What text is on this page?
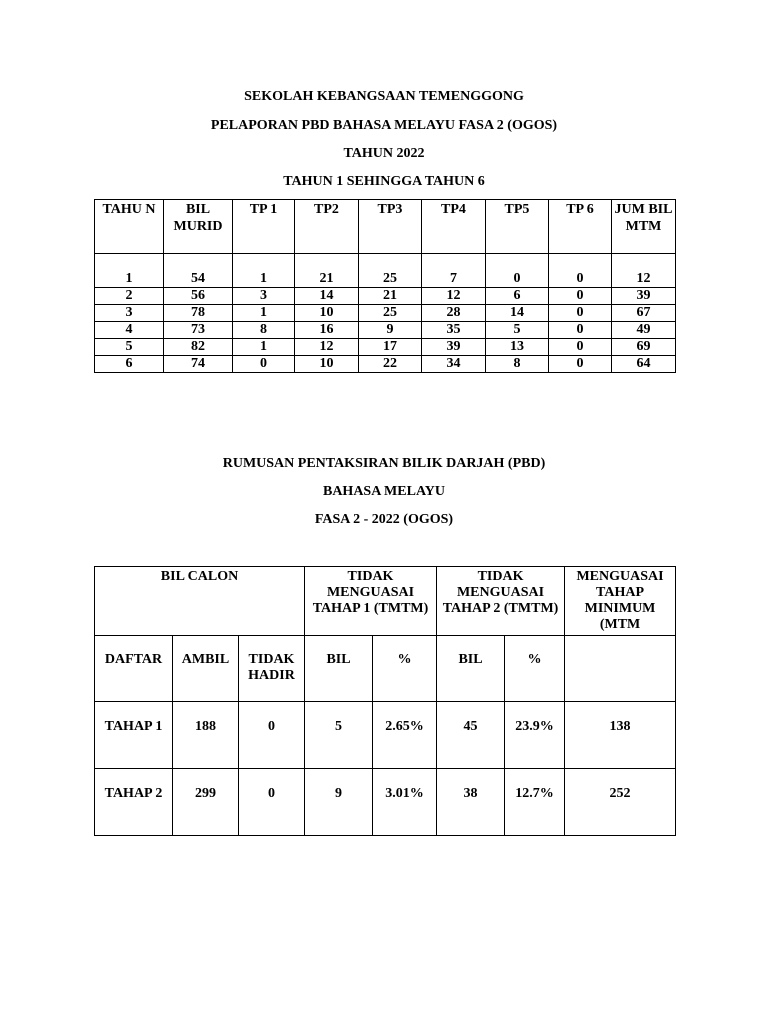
SEKOLAH KEBANGSAAN TEMENGGONG
PELAPORAN PBD BAHASA MELAYU FASA 2 (OGOS)
TAHUN 2022
TAHUN 1 SEHINGGA TAHUN 6
TAHU N	BIL MURID	TP 1	TP2	TP3	TP4	TP5	TP 6	JUM BIL MTM

1	54	1	21	25	7	0	0	12
2	56	3	14	21	12	6	0	39
3	78	1	10	25	28	14	0	67
4	73	8	16	9	35	5	0	49
5	82	1	12	17	39	13	0	69
6	74	0	10	22	34	8	0	64
RUMUSAN PENTAKSIRAN BILIK DARJAH (PBD)
BAHASA MELAYU
FASA 2 - 2022 (OGOS)
BIL CALON			TIDAK MENGUASAI TAHAP 1 (TMTM)		TIDAK MENGUASAI TAHAP 2 (TMTM)		MENGUASAI TAHAP MINIMUM (MTM
DAFTAR	AMBIL	TIDAK HADIR	BIL	%	BIL	%	
TAHAP 1	188	0	5	2.65%	45	23.9%	138
TAHAP 2	299	0	9	3.01%	38	12.7%	252
